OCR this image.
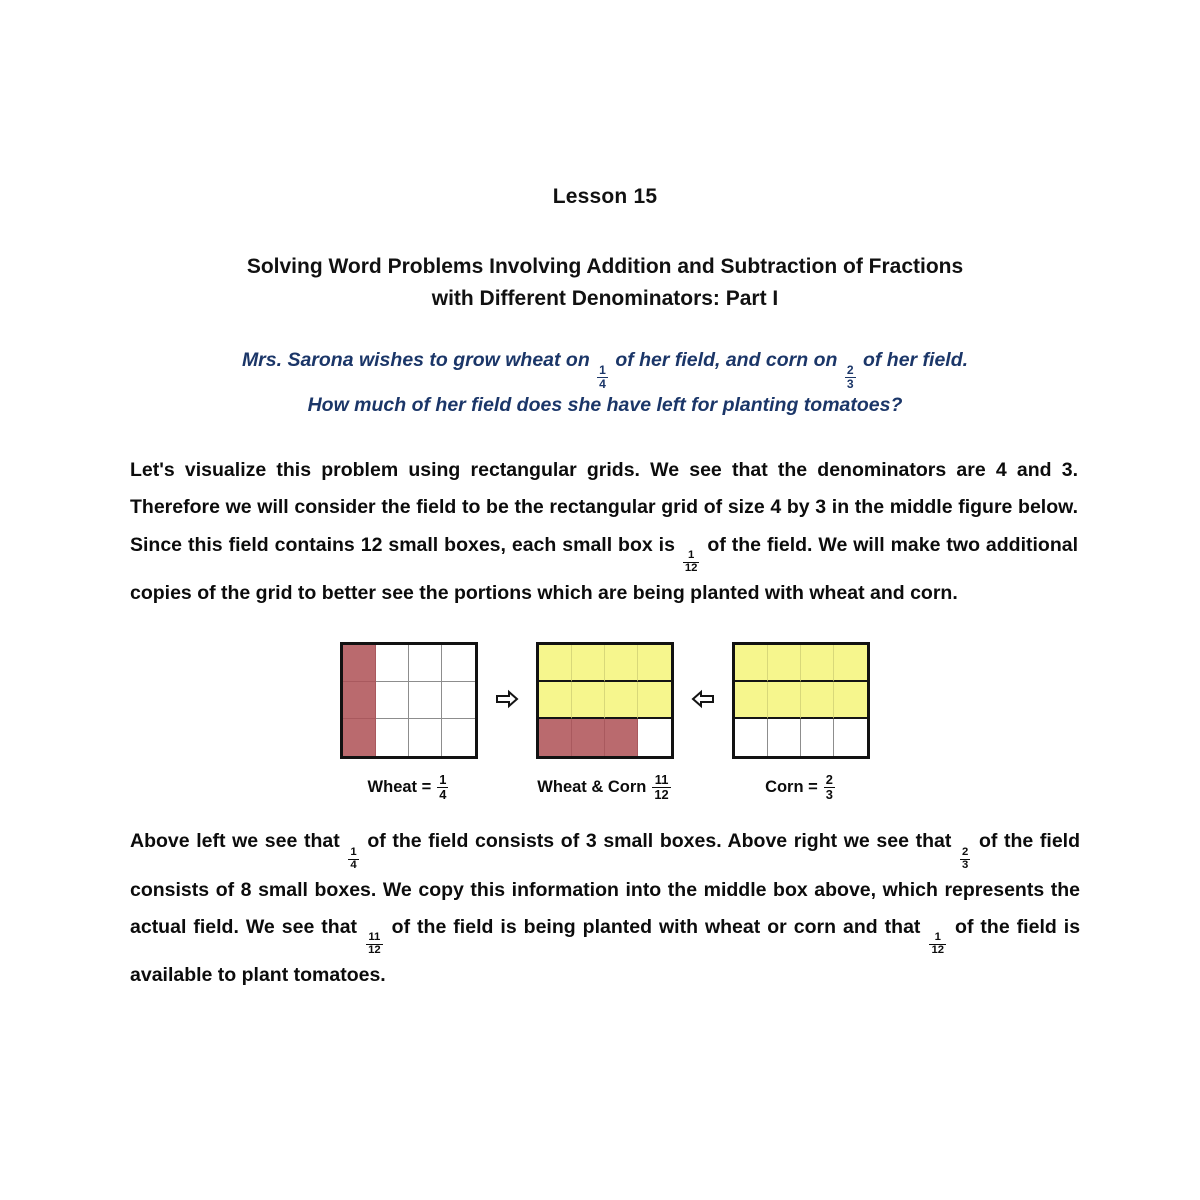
Lesson 15
Solving Word Problems Involving Addition and Subtraction of Fractions
with Different Denominators: Part I
Mrs. Sarona wishes to grow wheat on
$\frac{1}{4}$
of her field, and corn on
$\frac{2}{3}$
of her field.
How much of her field does she have left for planting tomatoes?

Let's visualize this problem using rectangular grids. We see that the denominators are 4 and 3. Therefore we will consider the field to be the rectangular grid of size 4 by 3 in the middle figure below. Since this field contains 12 small boxes, each small box is
$\frac{1}{12}$
of the field. We will make two additional copies of the grid to better see the portions which are being planted with wheat and corn.

Wheat = $\frac{1}{4}$	Wheat & Corn $\frac{11}{12}$	Corn = $\frac{2}{3}$

Above left we see that
$\frac{1}{4}$
of the field consists of 3 small boxes. Above right we see that
$\frac{2}{3}$
of the field consists of 8 small boxes. We copy this information into the middle box above, which represents the actual field. We see that
$\frac{11}{12}$
of the field is being planted with wheat or corn and that
$\frac{1}{12}$
of the field is available to plant tomatoes.
